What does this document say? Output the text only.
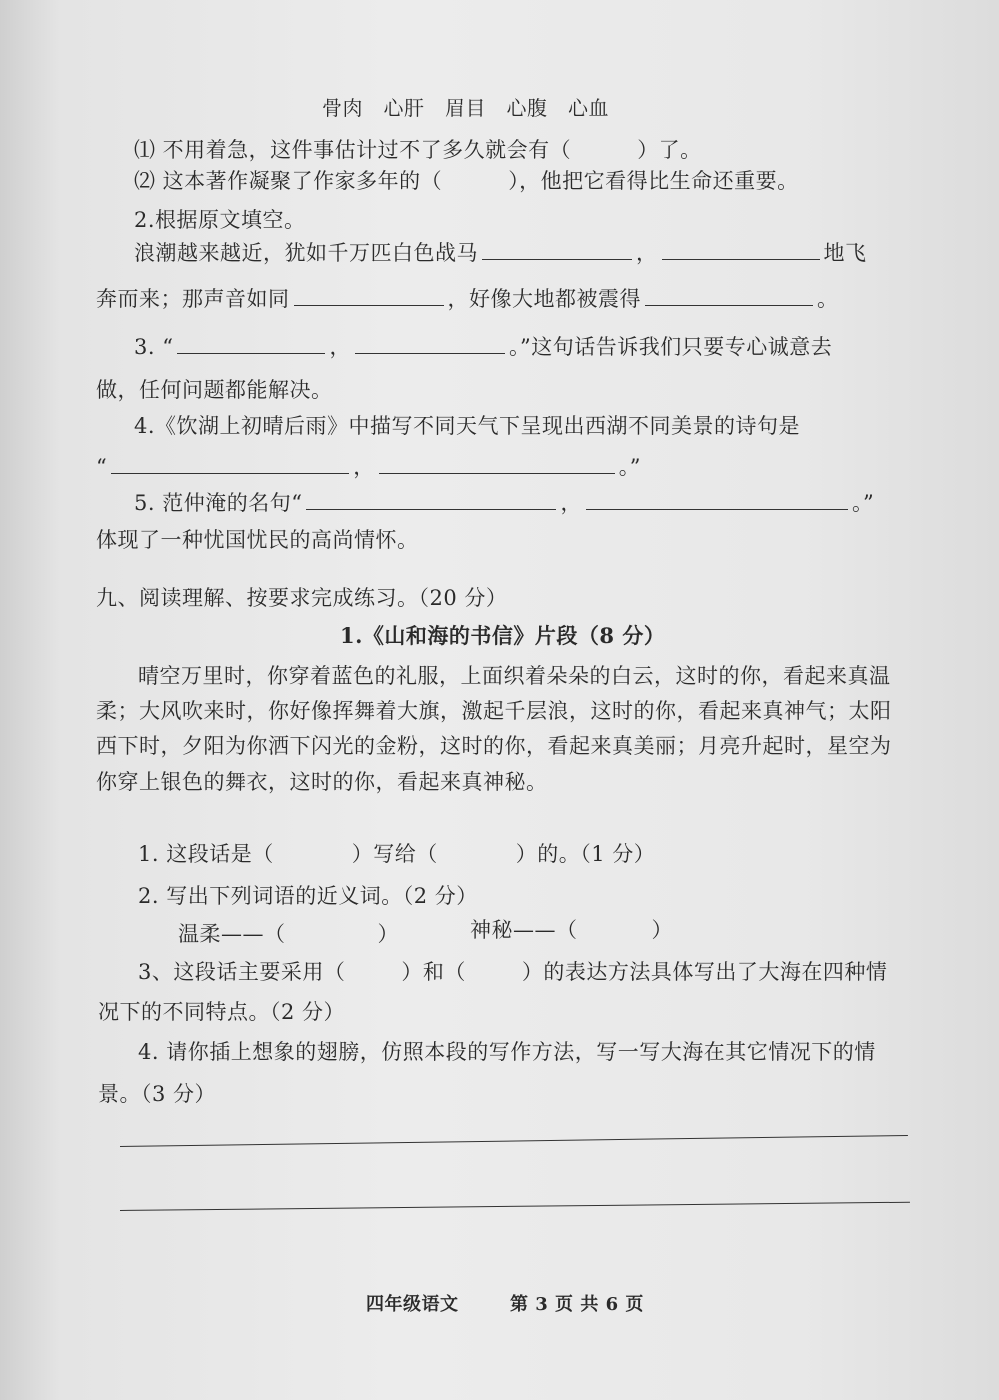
骨肉　心肝　眉目　心腹　心血
⑴ 不用着急，这件事估计过不了多久就会有（	）了。
⑵ 这本著作凝聚了作家多年的（	），他把它看得比生命还重要。
2.根据原文填空。
浪潮越来越近，犹如千万匹白色战马	，	地飞
奔而来；那声音如同	，好像大地都被震得	。
3. “	，	。”这句话告诉我们只要专心诚意去
做，任何问题都能解决。
4.《饮湖上初晴后雨》中描写不同天气下呈现出西湖不同美景的诗句是
“	，	。”
5. 范仲淹的名句“	，	。”
体现了一种忧国忧民的高尚情怀。
九、阅读理解、按要求完成练习。（20 分）
1.《山和海的书信》片段（8 分）
晴空万里时，你穿着蓝色的礼服，上面织着朵朵的白云，这时的你，看起来真温
柔；大风吹来时，你好像挥舞着大旗，激起千层浪，这时的你，看起来真神气；太阳
西下时，夕阳为你洒下闪光的金粉，这时的你，看起来真美丽；月亮升起时，星空为
你穿上银色的舞衣，这时的你，看起来真神秘。
1. 这段话是（	）写给（	）的。（1 分）
2. 写出下列词语的近义词。（2 分）
温柔——（	）	神秘——（	）
3、这段话主要采用（	）和（	）的表达方法具体写出了大海在四种情
况下的不同特点。（2 分）
4. 请你插上想象的翅膀，仿照本段的写作方法，写一写大海在其它情况下的情
景。（3 分）
四年级语文	第 3 页 共 6 页
